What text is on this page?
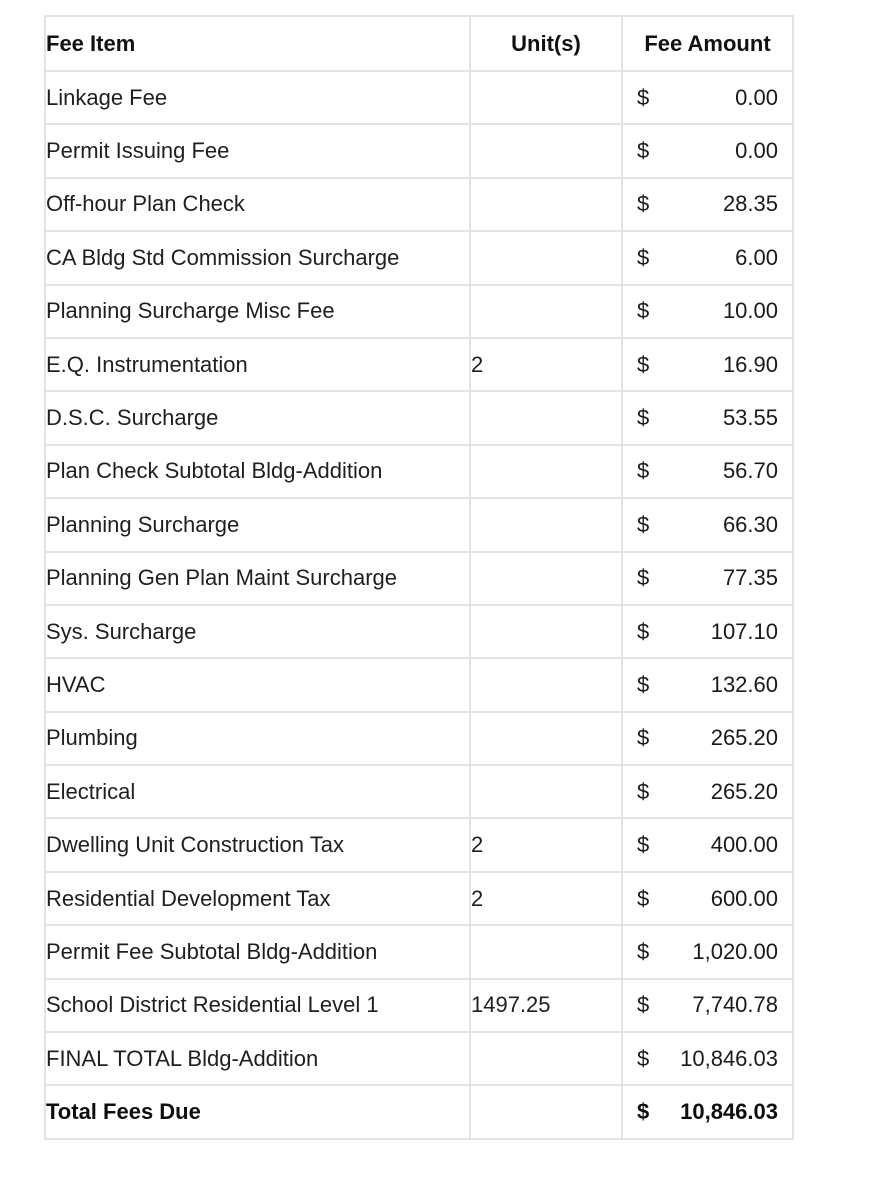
Fee Item	Unit(s)	Fee Amount
Linkage Fee		$ 0.00

Permit Issuing Fee		$ 0.00

Off-hour Plan Check		$ 28.35

CA Bldg Std Commission Surcharge		$ 6.00

Planning Surcharge Misc Fee		$ 10.00

E.Q. Instrumentation	2	$ 16.90

D.S.C. Surcharge		$ 53.55

Plan Check Subtotal Bldg-Addition		$ 56.70

Planning Surcharge		$ 66.30

Planning Gen Plan Maint Surcharge		$ 77.35

Sys. Surcharge		$ 107.10

HVAC		$ 132.60

Plumbing		$ 265.20

Electrical		$ 265.20

Dwelling Unit Construction Tax	2	$ 400.00

Residential Development Tax	2	$ 600.00

Permit Fee Subtotal Bldg-Addition		$ 1,020.00

School District Residential Level 1	1497.25	$ 7,740.78

FINAL TOTAL Bldg-Addition		$ 10,846.03

Total Fees Due		$ 10,846.03
